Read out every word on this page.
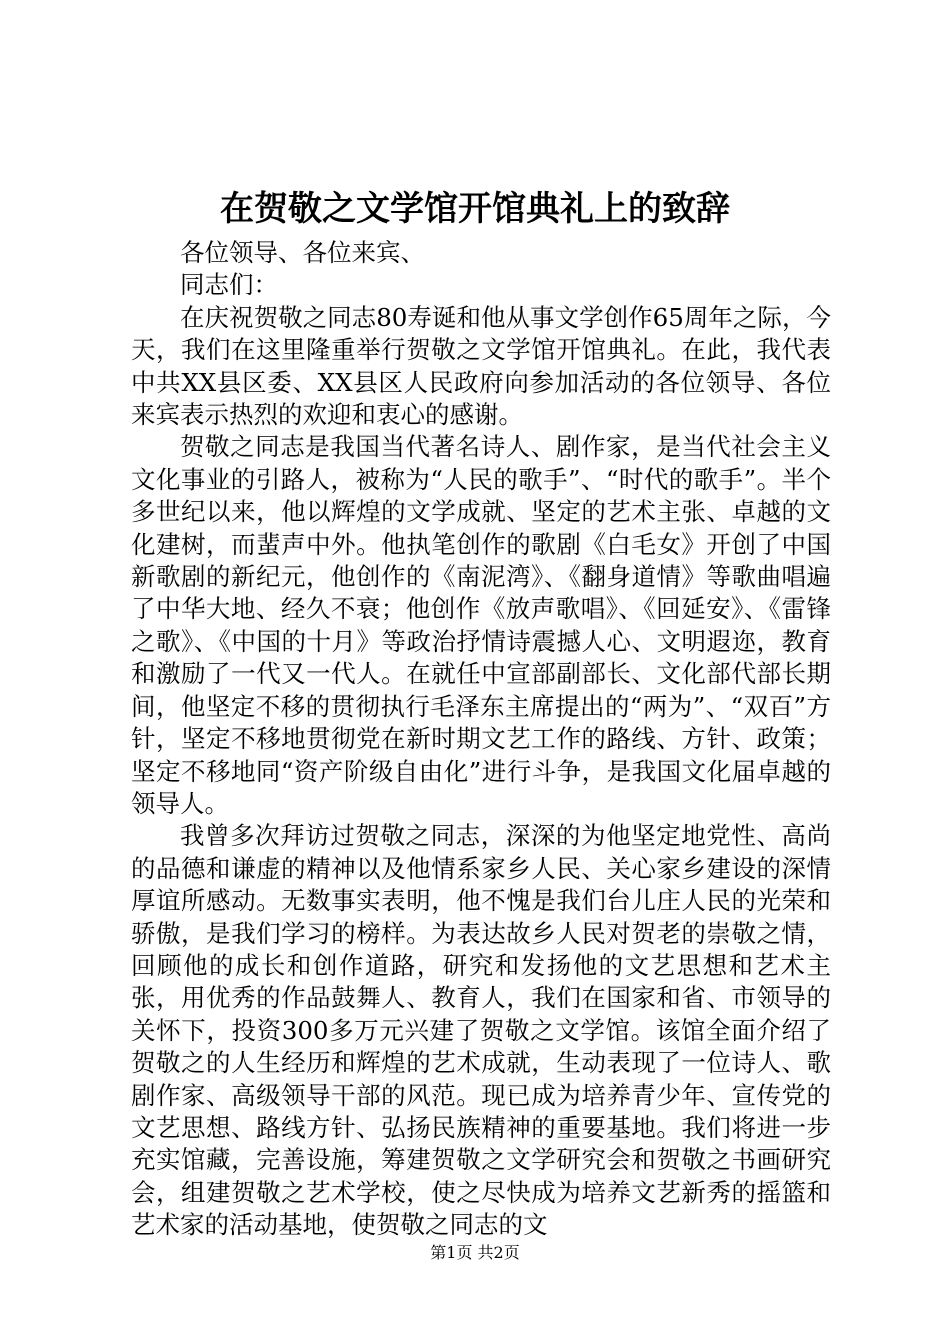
在贺敬之文学馆开馆典礼上的致辞

各位领导、各位来宾、

同志们：

在庆祝贺敬之同志80寿诞和他从事文学创作65周年之际，今天，我们在这里隆重举行贺敬之文学馆开馆典礼。在此，我代表中共XX县区委、XX县区人民政府向参加活动的各位领导、各位来宾表示热烈的欢迎和衷心的感谢。

贺敬之同志是我国当代著名诗人、剧作家，是当代社会主义文化事业的引路人，被称为“人民的歌手”、“时代的歌手”。半个多世纪以来，他以辉煌的文学成就、坚定的艺术主张、卓越的文化建树，而蜚声中外。他执笔创作的歌剧《白毛女》开创了中国新歌剧的新纪元，他创作的《南泥湾》、《翻身道情》等歌曲唱遍了中华大地、经久不衰；他创作《放声歌唱》、《回延安》、《雷锋之歌》、《中国的十月》等政治抒情诗震撼人心、文明遐迩，教育和激励了一代又一代人。在就任中宣部副部长、文化部代部长期间，他坚定不移的贯彻执行毛泽东主席提出的“两为”、“双百”方针，坚定不移地贯彻党在新时期文艺工作的路线、方针、政策；坚定不移地同“资产阶级自由化”进行斗争，是我国文化届卓越的领导人。

我曾多次拜访过贺敬之同志，深深的为他坚定地党性、高尚的品德和谦虚的精神以及他情系家乡人民、关心家乡建设的深情厚谊所感动。无数事实表明，他不愧是我们台儿庄人民的光荣和骄傲，是我们学习的榜样。为表达故乡人民对贺老的崇敬之情，回顾他的成长和创作道路，研究和发扬他的文艺思想和艺术主张，用优秀的作品鼓舞人、教育人，我们在国家和省、市领导的关怀下，投资300多万元兴建了贺敬之文学馆。该馆全面介绍了贺敬之的人生经历和辉煌的艺术成就，生动表现了一位诗人、歌剧作家、高级领导干部的风范。现已成为培养青少年、宣传党的文艺思想、路线方针、弘扬民族精神的重要基地。我们将进一步充实馆藏，完善设施，筹建贺敬之文学研究会和贺敬之书画研究会，组建贺敬之艺术学校，使之尽快成为培养文艺新秀的摇篮和艺术家的活动基地，使贺敬之同志的文

第1页 共2页
